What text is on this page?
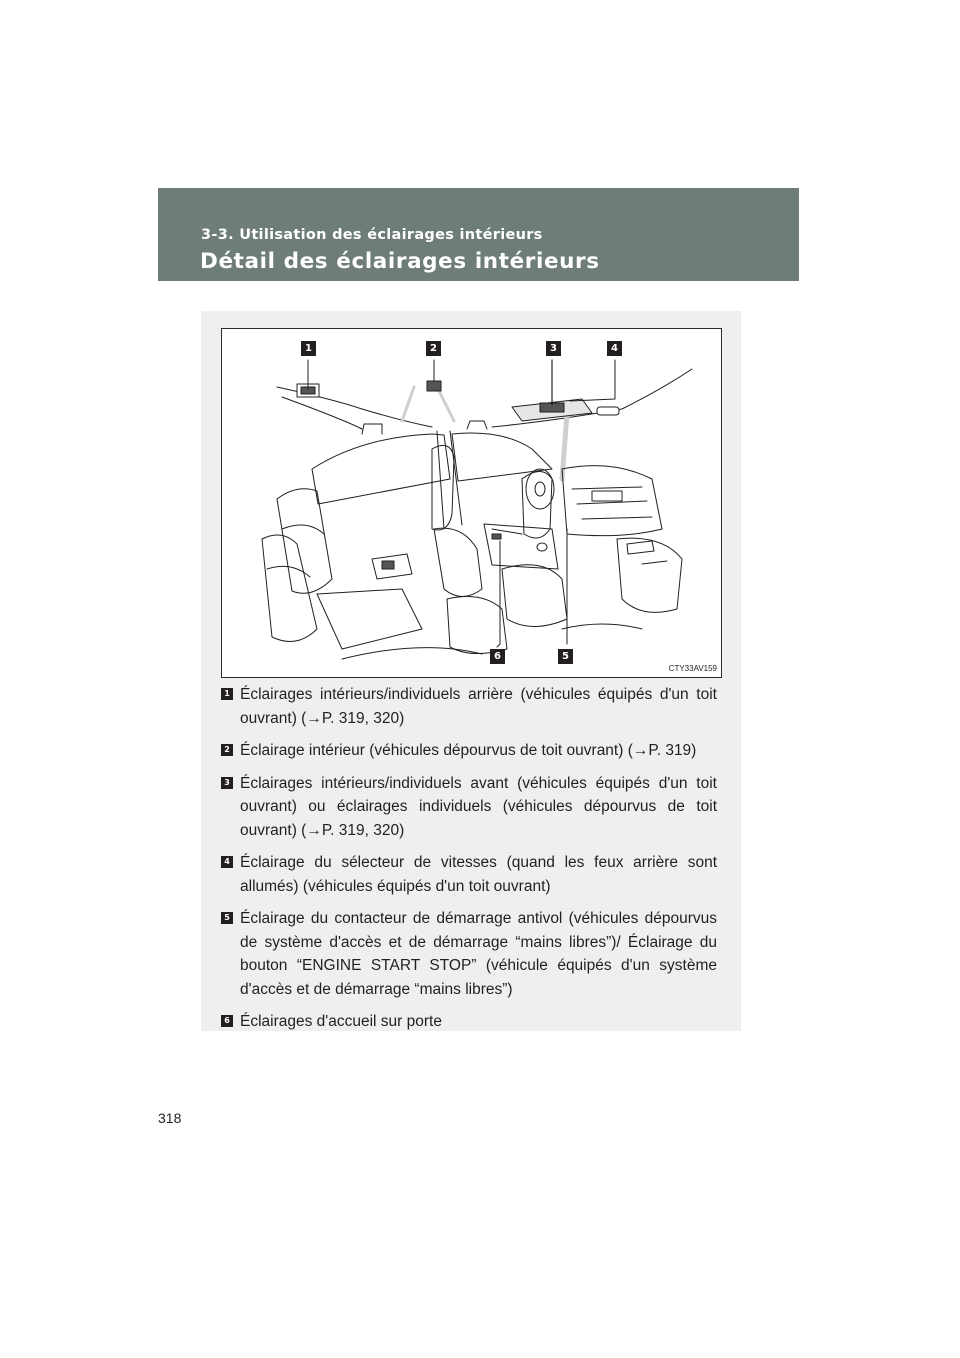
3-3. Utilisation des éclairages intérieurs
Détail des éclairages intérieurs
1	2	3	4
6	5
CTY33AV159
1 Éclairages intérieurs/individuels arrière (véhicules équipés d'un toit ouvrant) (→P. 319, 320)
2 Éclairage intérieur (véhicules dépourvus de toit ouvrant) (→P. 319)
3 Éclairages intérieurs/individuels avant (véhicules équipés d'un toit ouvrant) ou éclairages individuels (véhicules dépourvus de toit ouvrant) (→P. 319, 320)
4 Éclairage du sélecteur de vitesses (quand les feux arrière sont allumés) (véhicules équipés d'un toit ouvrant)
5 Éclairage du contacteur de démarrage antivol (véhicules dépourvus de système d'accès et de démarrage “mains libres”)/ Éclairage du bouton “ENGINE START STOP” (véhicule équipés d'un système d'accès et de démarrage “mains libres”)
6 Éclairages d'accueil sur porte
318
